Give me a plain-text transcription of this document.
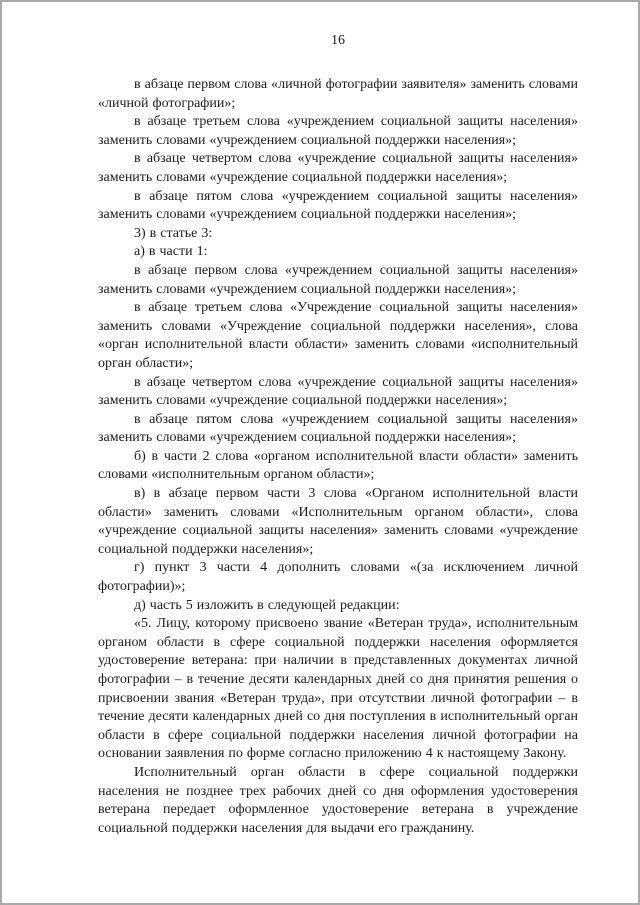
16

в абзаце первом слова «личной фотографии заявителя» заменить словами «личной фотографии»;

в абзаце третьем слова «учреждением социальной защиты населения» заменить словами «учреждением социальной поддержки населения»;

в абзаце четвертом слова «учреждение социальной защиты населения» заменить словами «учреждение социальной поддержки населения»;

в абзаце пятом слова «учреждением социальной защиты населения» заменить словами «учреждением социальной поддержки населения»;

3) в статье 3:

а) в части 1:

в абзаце первом слова «учреждением социальной защиты населения» заменить словами «учреждением социальной поддержки населения»;

в абзаце третьем слова «Учреждение социальной защиты населения» заменить словами «Учреждение социальной поддержки населения», слова «орган исполнительной власти области» заменить словами «исполнительный орган области»;

в абзаце четвертом слова «учреждение социальной защиты населения» заменить словами «учреждение социальной поддержки населения»;

в абзаце пятом слова «учреждением социальной защиты населения» заменить словами «учреждением социальной поддержки населения»;

б) в части 2 слова «органом исполнительной власти области» заменить словами «исполнительным органом области»;

в) в абзаце первом части 3 слова «Органом исполнительной власти области» заменить словами «Исполнительным органом области», слова «учреждение социальной защиты населения» заменить словами «учреждение социальной поддержки населения»;

г) пункт 3 части 4 дополнить словами «(за исключением личной фотографии)»;

д) часть 5 изложить в следующей редакции:

«5. Лицу, которому присвоено звание «Ветеран труда», исполнительным органом области в сфере социальной поддержки населения оформляется удостоверение ветерана: при наличии в представленных документах личной фотографии – в течение десяти календарных дней со дня принятия решения о присвоении звания «Ветеран труда», при отсутствии личной фотографии – в течение десяти календарных дней со дня поступления в исполнительный орган области в сфере социальной поддержки населения личной фотографии на основании заявления по форме согласно приложению 4 к настоящему Закону.

Исполнительный орган области в сфере социальной поддержки населения не позднее трех рабочих дней со дня оформления удостоверения ветерана передает оформленное удостоверение ветерана в учреждение социальной поддержки населения для выдачи его гражданину.
